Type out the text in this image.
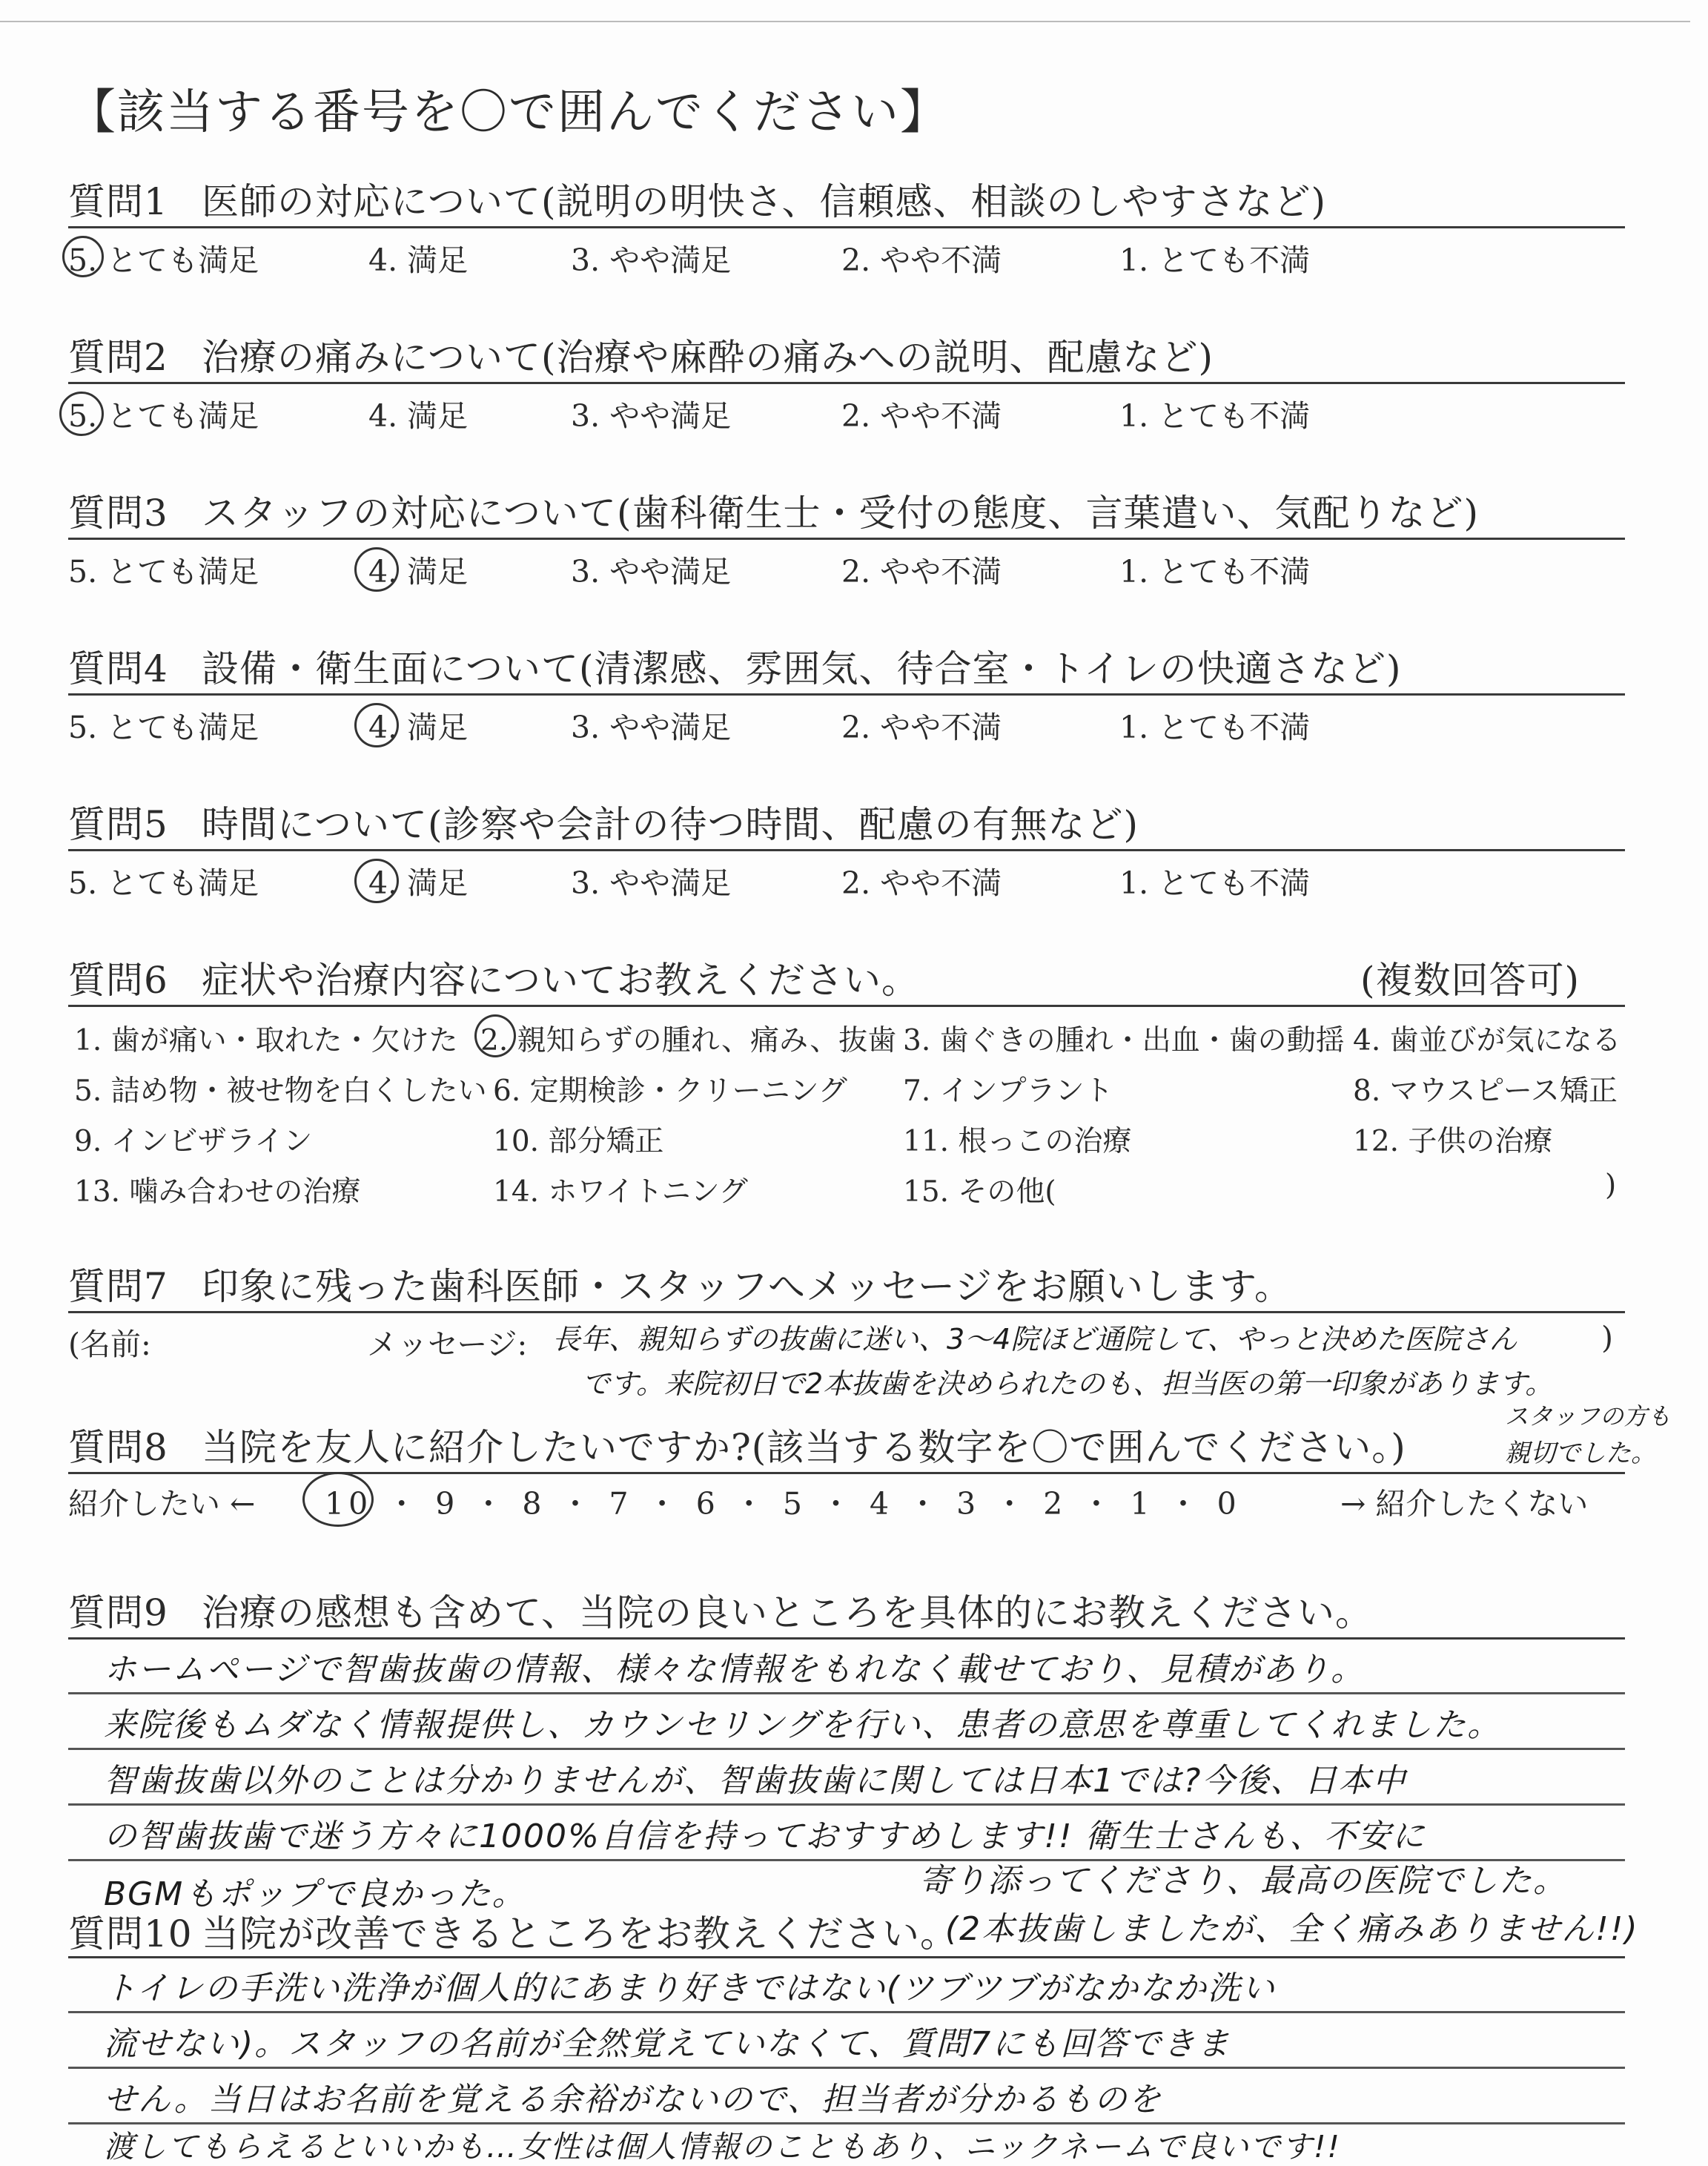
【該当する番号を〇で囲んでください】
質問1 医師の対応について(説明の明快さ、信頼感、相談のしやすさなど)
5. とても満足	4. 満足	3. やや満足	2. やや不満	1. とても不満
質問2 治療の痛みについて(治療や麻酔の痛みへの説明、配慮など)
5. とても満足	4. 満足	3. やや満足	2. やや不満	1. とても不満
質問3 スタッフの対応について(歯科衛生士・受付の態度、言葉遣い、気配りなど)
5. とても満足	4. 満足	3. やや満足	2. やや不満	1. とても不満
質問4 設備・衛生面について(清潔感、雰囲気、待合室・トイレの快適さなど)
5. とても満足	4. 満足	3. やや満足	2. やや不満	1. とても不満
質問5 時間について(診察や会計の待つ時間、配慮の有無など)
5. とても満足	4. 満足	3. やや満足	2. やや不満	1. とても不満
質問6 症状や治療内容についてお教えください。	(複数回答可)
1. 歯が痛い・取れた・欠けた 2. 親知らずの腫れ、痛み、抜歯 3. 歯ぐきの腫れ・出血・歯の動揺 4. 歯並びが気になる
5. 詰め物・被せ物を白くしたい 6. 定期検診・クリーニング 7. インプラント	8. マウスピース矯正
9. インビザライン	10. 部分矯正	11. 根っこの治療	12. 子供の治療
13. 噛み合わせの治療	14. ホワイトニング	15. その他(	)
質問7 印象に残った歯科医師・スタッフへメッセージをお願いします。
(名前:	メッセージ:	)
長年、親知らずの抜歯に迷い、3〜4院ほど通院して、やっと決めた医院さん
です。来院初日で2本抜歯を決められたのも、担当医の第一印象があります。
スタッフの方も
親切でした。
質問8 当院を友人に紹介したいですか?(該当する数字を〇で囲んでください。)
紹介したい ← 10 ・ 9 ・ 8 ・ 7 ・ 6 ・ 5 ・ 4 ・ 3 ・ 2 ・ 1 ・ 0	→ 紹介したくない
質問9 治療の感想も含めて、当院の良いところを具体的にお教えください。
ホームページで智歯抜歯の情報、様々な情報をもれなく載せており、見積があり。
来院後もムダなく情報提供し、カウンセリングを行い、患者の意思を尊重してくれました。
智歯抜歯以外のことは分かりませんが、智歯抜歯に関しては日本1では?今後、日本中
の智歯抜歯で迷う方々に1000%自信を持っておすすめします!! 衛生士さんも、不安に
BGMもポップで良かった。	寄り添ってくださり、最高の医院でした。
質問10 当院が改善できるところをお教えください。
(2本抜歯しましたが、全く痛みありません!!)
トイレの手洗い洗浄が個人的にあまり好きではない(ツブツブがなかなか洗い
流せない)。スタッフの名前が全然覚えていなくて、質問7にも回答できま
せん。当日はお名前を覚える余裕がないので、担当者が分かるものを
渡してもらえるといいかも…女性は個人情報のこともあり、ニックネームで良いです!!
